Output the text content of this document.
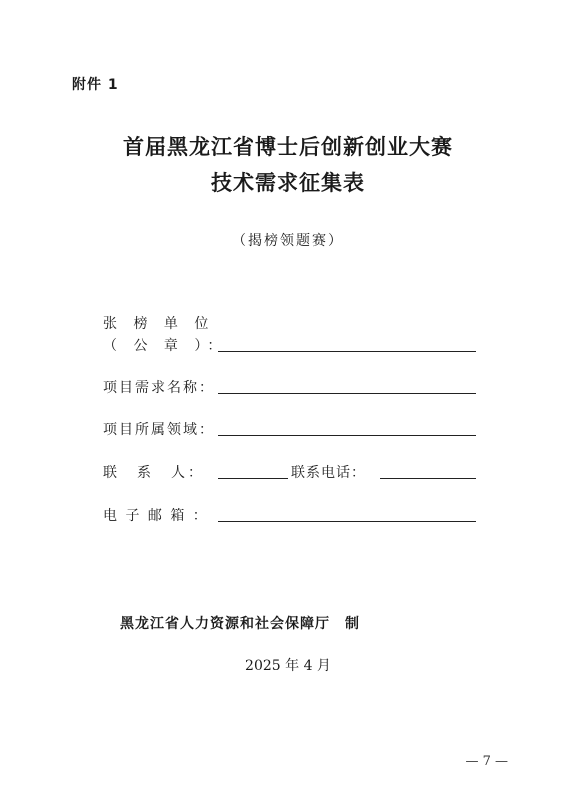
附件 1
首届黑龙江省博士后创新创业大赛
技术需求征集表
（揭榜领题赛）
张 榜 单 位
（ 公 章 ）：
项目需求名称：
项目所属领域：
联　系　人：	联系电话：
电 子 邮 箱 ：
黑龙江省人力资源和社会保障厅　制
2025 年 4 月
— 7 —
